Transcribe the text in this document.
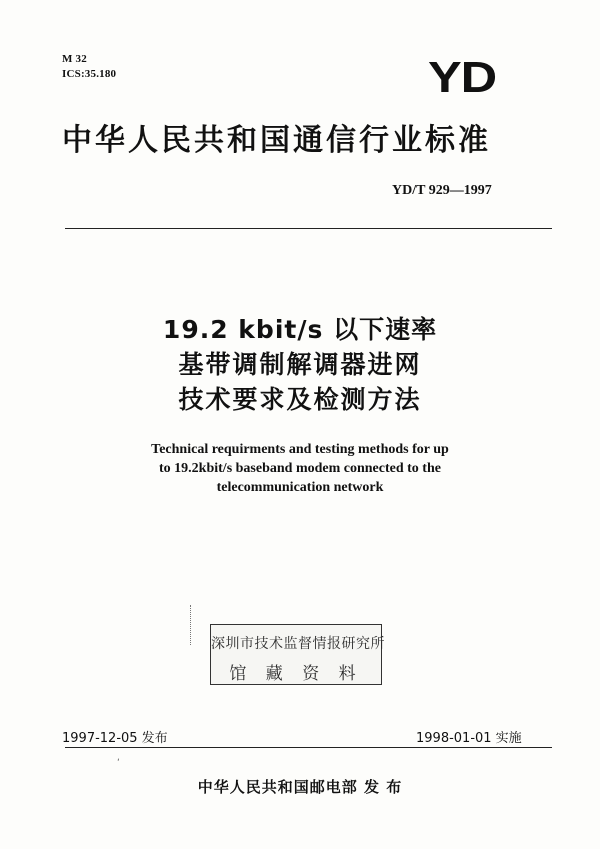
M 32
ICS:35.180	YD
中华人民共和国通信行业标准
YD/T 929—1997
19.2 kbit/s 以下速率
基带调制解调器进网
技术要求及检测方法
Technical requirments and testing methods for up
to 19.2kbit/s baseband modem connected to the
telecommunication network
深圳市技术监督情报研究所
馆 藏 资 料
1997-12-05 发布	1998-01-01 实施
‘
中华人民共和国邮电部 发 布
